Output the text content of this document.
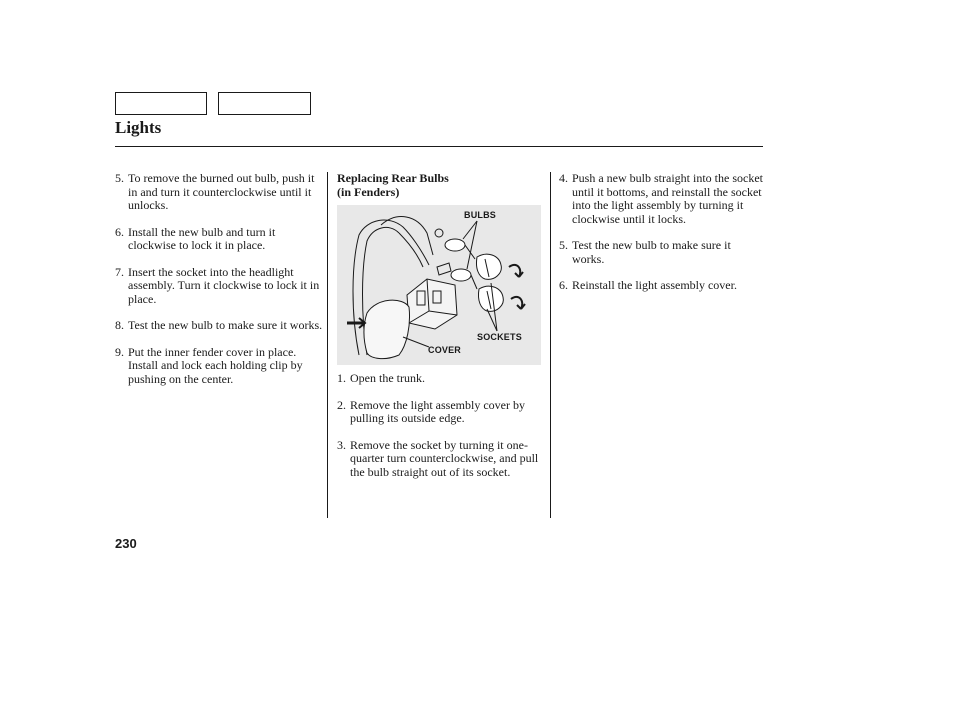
Lights
5. To remove the burned out bulb, push it in and turn it counterclockwise until it unlocks.
6. Install the new bulb and turn it clockwise to lock it in place.
7. Insert the socket into the headlight assembly. Turn it clockwise to lock it in place.
8. Test the new bulb to make sure it works.
9. Put the inner fender cover in place. Install and lock each holding clip by pushing on the center.
Replacing Rear Bulbs
(in Fenders)
BULBS
SOCKETS
COVER
1. Open the trunk.
2. Remove the light assembly cover by pulling its outside edge.
3. Remove the socket by turning it one-quarter turn counterclockwise, and pull the bulb straight out of its socket.
4. Push a new bulb straight into the socket until it bottoms, and reinstall the socket into the light assembly by turning it clockwise until it locks.
5. Test the new bulb to make sure it works.
6. Reinstall the light assembly cover.

230
